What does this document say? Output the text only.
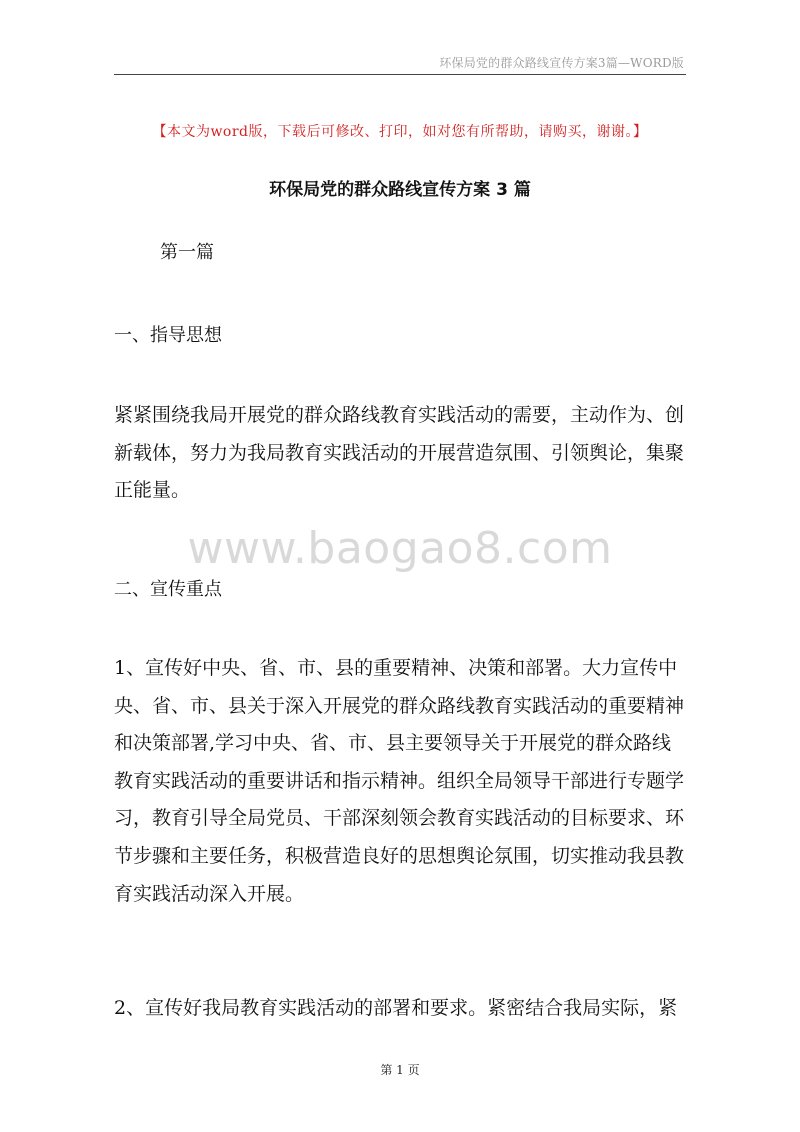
环保局党的群众路线宣传方案3篇—WORD版
【本文为word版，下载后可修改、打印，如对您有所帮助，请购买，谢谢。】
环保局党的群众路线宣传方案 3 篇
第一篇
一、指导思想
紧紧围绕我局开展党的群众路线教育实践活动的需要，主动作为、创
新载体，努力为我局教育实践活动的开展营造氛围、引领舆论，集聚
正能量。
www.baogao8.com
二、宣传重点
1、宣传好中央、省、市、县的重要精神、决策和部署。大力宣传中
央、省、市、县关于深入开展党的群众路线教育实践活动的重要精神
和决策部署,学习中央、省、市、县主要领导关于开展党的群众路线
教育实践活动的重要讲话和指示精神。组织全局领导干部进行专题学
习，教育引导全局党员、干部深刻领会教育实践活动的目标要求、环
节步骤和主要任务，积极营造良好的思想舆论氛围，切实推动我县教
育实践活动深入开展。
2、宣传好我局教育实践活动的部署和要求。紧密结合我局实际，紧
第 1 页
